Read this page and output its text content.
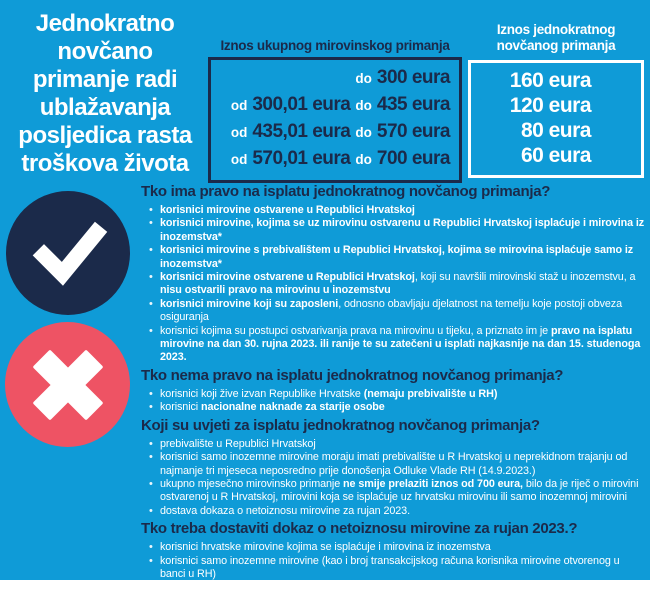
Jednokratno
novčano
primanje radi
ublažavanja
posljedica rasta
troškova života
Iznos ukupnog mirovinskog primanja
do 300 eura
od 300,01 eura do 435 eura
od 435,01 eura do 570 eura
od 570,01 eura do 700 eura
Iznos jednokratnog
novčanog primanja
160 eura
120 eura
80 eura
60 eura
Tko ima pravo na isplatu jednokratnog novčanog primanja?
• korisnici mirovine ostvarene u Republici Hrvatskoj
• korisnici mirovine, kojima se uz mirovinu ostvarenu u Republici Hrvatskoj isplaćuje i mirovina iz inozemstva*
• korisnici mirovine s prebivalištem u Republici Hrvatskoj, kojima se mirovina isplaćuje samo iz inozemstva*
• korisnici mirovine ostvarene u Republici Hrvatskoj, koji su navršili mirovinski staž u inozemstvu, a nisu ostvarili pravo na mirovinu u inozemstvu
• korisnici mirovine koji su zaposleni, odnosno obavljaju djelatnost na temelju koje postoji obveza osiguranja
• korisnici kojima su postupci ostvarivanja prava na mirovinu u tijeku, a priznato im je pravo na isplatu mirovine na dan 30. rujna 2023. ili ranije te su zatečeni u isplati najkasnije na dan 15. studenoga 2023.
Tko nema pravo na isplatu jednokratnog novčanog primanja?
• korisnici koji žive izvan Republike Hrvatske (nemaju prebivalište u RH)
• korisnici nacionalne naknade za starije osobe
Koji su uvjeti za isplatu jednokratnog novčanog primanja?
• prebivalište u Republici Hrvatskoj
• korisnici samo inozemne mirovine moraju imati prebivalište u R Hrvatskoj u neprekidnom trajanju od najmanje tri mjeseca neposredno prije donošenja Odluke Vlade RH (14.9.2023.)
• ukupno mjesečno mirovinsko primanje ne smije prelaziti iznos od 700 eura, bilo da je riječ o mirovini ostvarenoj u R Hrvatskoj, mirovini koja se isplaćuje uz hrvatsku mirovinu ili samo inozemnoj mirovini
• dostava dokaza o netoiznosu mirovine za rujan 2023.
Tko treba dostaviti dokaz o netoiznosu mirovine za rujan 2023.?
• korisnici hrvatske mirovine kojima se isplaćuje i mirovina iz inozemstva
• korisnici samo inozemne mirovine (kao i broj transakcijskog računa korisnika mirovine otvorenog u banci u RH)
• korisnici hrvatske mirovine koji su navršili mirovinski staž u inozemstvu, a nisu ostvarili pravo na
